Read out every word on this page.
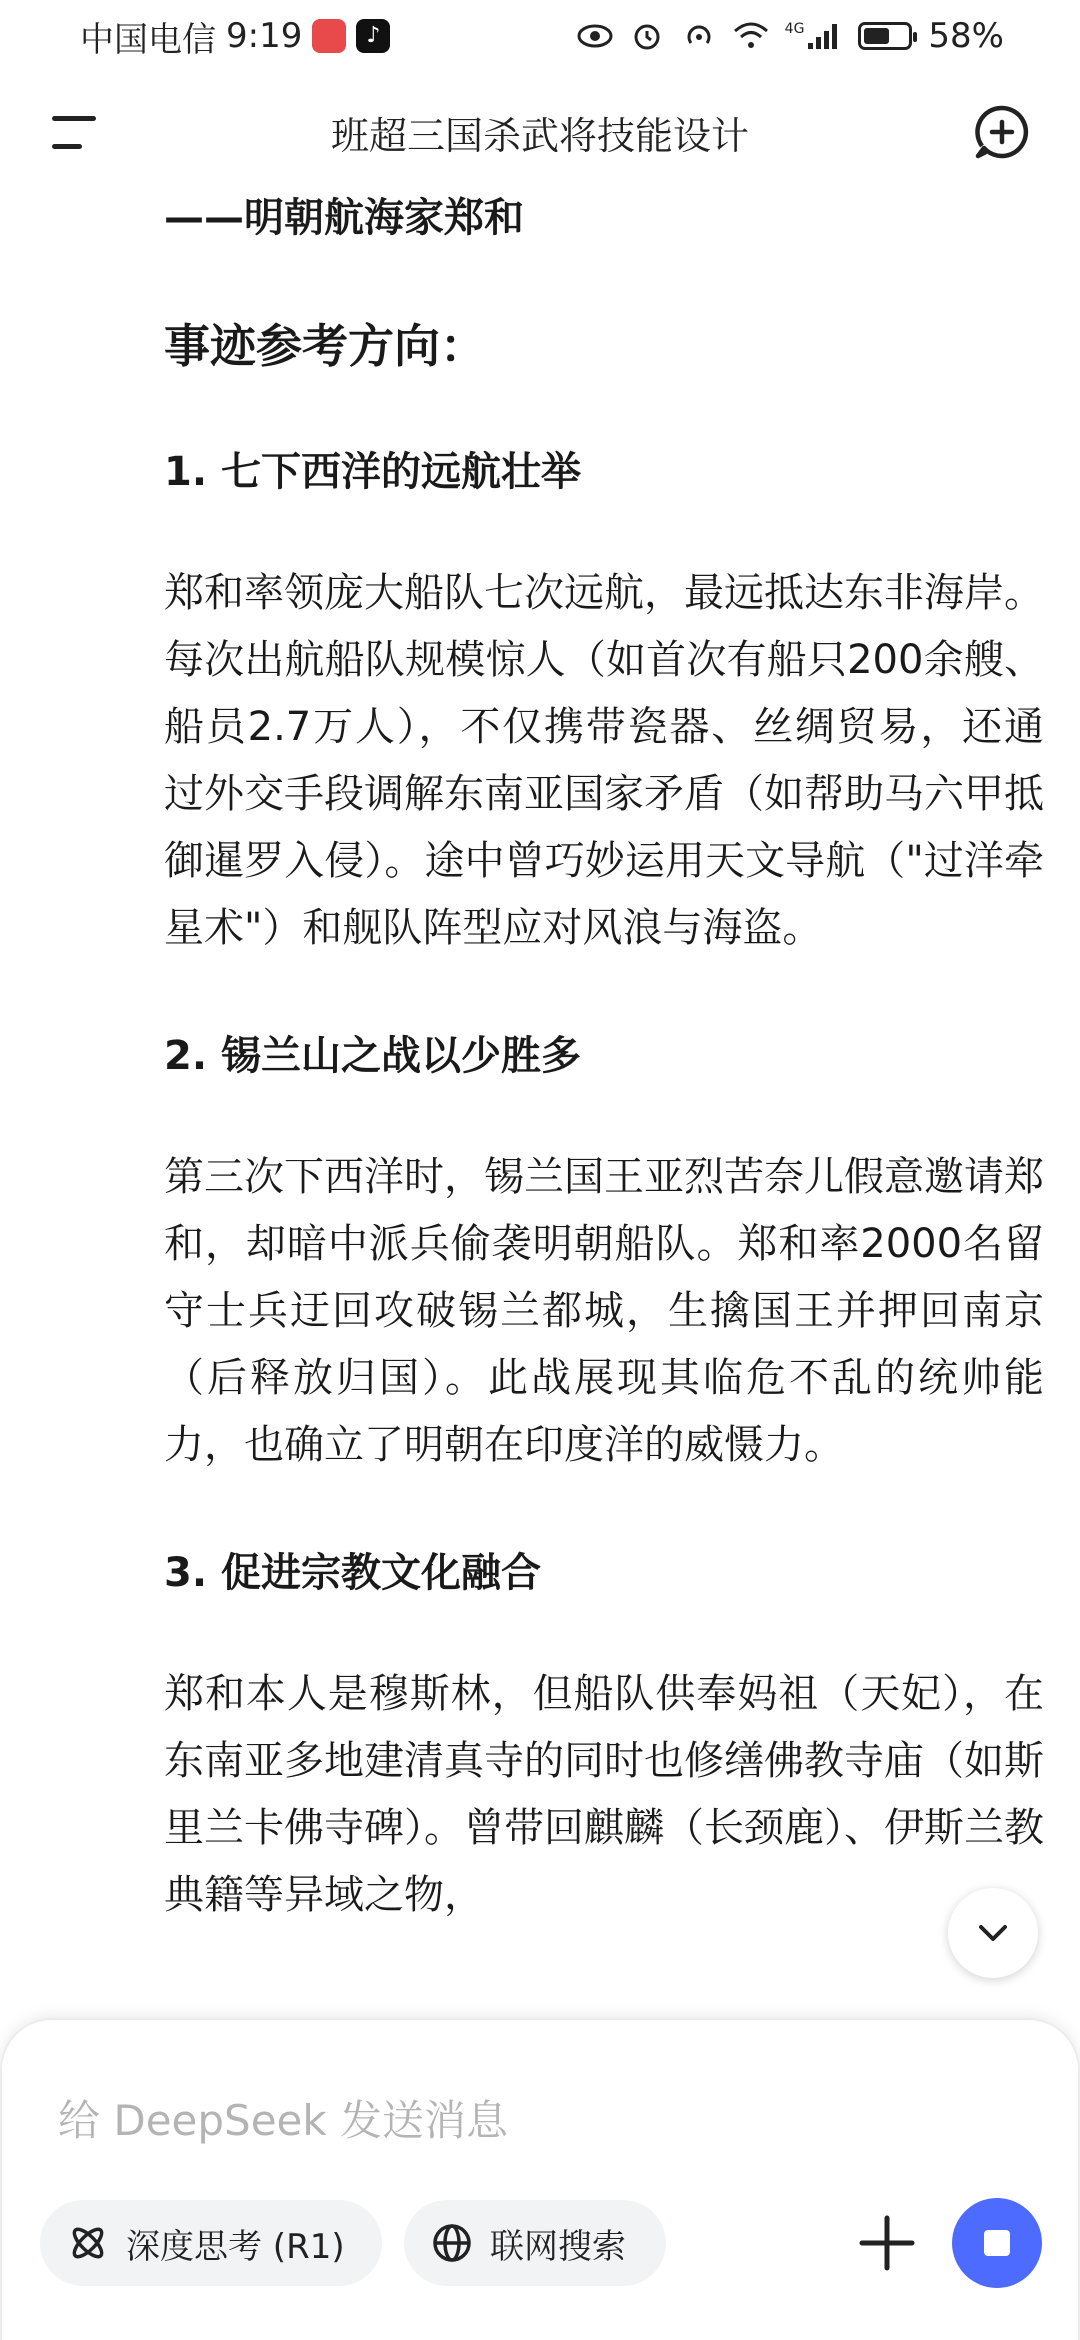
中国电信 9:19	♪	4G	58%
班超三国杀武将技能设计
——明朝航海家郑和
事迹参考方向：
1. 七下西洋的远航壮举
郑和率领庞大船队七次远航，最远抵达东非海岸。每次出航船队规模惊人（如首次有船只200余艘、船员2.7万人），不仅携带瓷器、丝绸贸易，还通过外交手段调解东南亚国家矛盾（如帮助马六甲抵御暹罗入侵）。途中曾巧妙运用天文导航（"过洋牵星术"）和舰队阵型应对风浪与海盗。
2. 锡兰山之战以少胜多
第三次下西洋时，锡兰国王亚烈苦奈儿假意邀请郑和，却暗中派兵偷袭明朝船队。郑和率2000名留守士兵迂回攻破锡兰都城，生擒国王并押回南京（后释放归国）。此战展现其临危不乱的统帅能力，也确立了明朝在印度洋的威慑力。
3. 促进宗教文化融合
郑和本人是穆斯林，但船队供奉妈祖（天妃），在东南亚多地建清真寺的同时也修缮佛教寺庙（如斯里兰卡佛寺碑）。曾带回麒麟（长颈鹿）、伊斯兰教典籍等异域之物，
给 DeepSeek 发送消息
深度思考 (R1)	联网搜索
